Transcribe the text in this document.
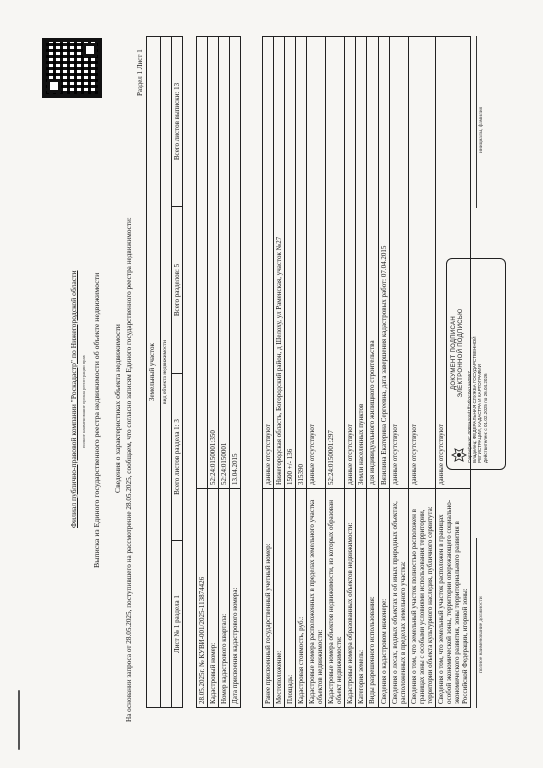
Филиал публично-правовой компании "Роскадастр" по Нижегородской области полное наименование органа регистрации прав Выписка из Единого государственного реестра недвижимости об объекте недвижимости Сведения о характеристиках объекта недвижимости На основании запроса от 28.05.2025, поступившего на рассмотрение 28.05.2025, сообщаем, что согласно записям Единого государственного реестра недвижимости:
Раздел 1 Лист 1
Земельный участок
вид объекта недвижимости
Лист № 1 раздела 1	Всего листов раздела 1: 3	Всего разделов: 5	Всего листов выписки: 13
28.05.2025г. № КУВИ-001/2025-113874426	
Кадастровый номер:	52:24:0150001:350
Номер кадастрового квартала:	52:24:0150001
Дата присвоения кадастрового номера:	13.04.2015
Ранее присвоенный государственный учетный номер:	данные отсутствуют
Местоположение:	Нижегородская область, Богородский район, д Шелоху, ул Раменская, участок №27
Площадь:	1500 +/- 136
Кадастровая стоимость, руб.:	315390
Кадастровые номера расположенных в пределах земельного участка объектов недвижимости:	данные отсутствуют
Кадастровые номера объектов недвижимости, из которых образован объект недвижимости:	52:24:0150001:297
Кадастровые номера образованных объектов недвижимости:	данные отсутствуют
Категория земель:	Земли населенных пунктов
Виды разрешенного использования:	для индивидуального жилищного строительства
Сведения о кадастровом инженере:	Вязилина Екатерина Сергеевна, дата завершения кадастровых работ: 07.04.2015
Сведения о лесах, водных объектах и об иных природных объектах, расположенных в пределах земельного участка:	данные отсутствуют
Сведения о том, что земельный участок полностью расположен в границах зоны с особыми условиями использования территории, территории объекта культурного наследия, публичного сервитута:	данные отсутствуют
Сведения о том, что земельный участок расположен в границах особой экономической зоны, территории опережающего социально-экономического развития, зоны территориального развития в Российской Федерации, игорной зоны:	данные отсутствуют
полное наименование должности
ДОКУМЕНТ ПОДПИСАН ЭЛЕКТРОННОЙ ПОДПИСЬЮ
Сертификат: 0088a4c6d1ff24b3c0e1aa0957 Владелец: ФЕДЕРАЛЬНАЯ СЛУЖБА ГОСУДАРСТВЕННОЙ РЕГИСТРАЦИИ, КАДАСТРА И КАРТОГРАФИИ Действителен: с 01.02.2025 по 26.04.2026
инициалы, фамилия
